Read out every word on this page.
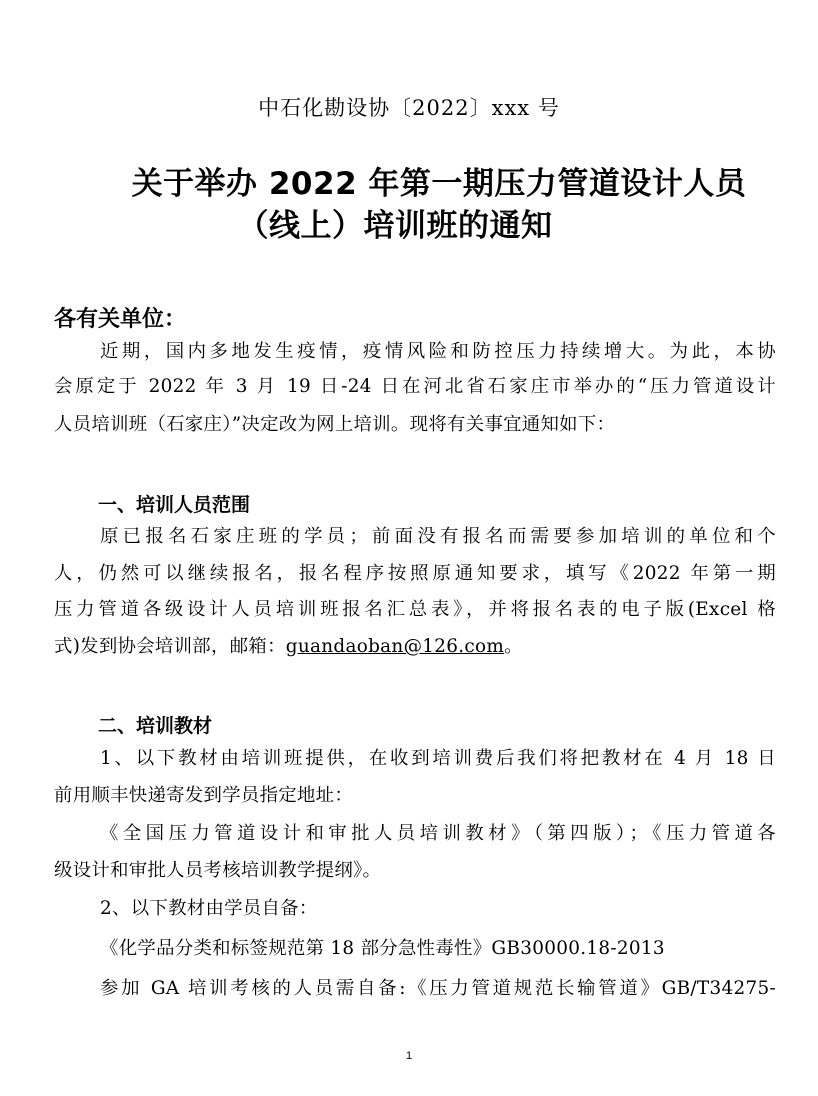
中石化勘设协〔2022〕xxx 号
关于举办 2022 年第一期压力管道设计人员
（线上）培训班的通知
各有关单位：
近期，国内多地发生疫情，疫情风险和防控压力持续增大。为此，本协
会原定于 2022 年 3 月 19 日-24 日在河北省石家庄市举办的“压力管道设计
人员培训班（石家庄）”决定改为网上培训。现将有关事宜通知如下：
一、培训人员范围
原已报名石家庄班的学员；前面没有报名而需要参加培训的单位和个
人，仍然可以继续报名，报名程序按照原通知要求，填写《2022 年第一期
压力管道各级设计人员培训班报名汇总表》，并将报名表的电子版(Excel 格
式)发到协会培训部，邮箱：guandaoban@126.com。
二、培训教材
1、以下教材由培训班提供，在收到培训费后我们将把教材在 4 月 18 日
前用顺丰快递寄发到学员指定地址：
《全国压力管道设计和审批人员培训教材》（第四版）；《压力管道各
级设计和审批人员考核培训教学提纲》。
2、以下教材由学员自备：
《化学品分类和标签规范第 18 部分急性毒性》GB30000.18-2013
参加 GA 培训考核的人员需自备:《压力管道规范长输管道》GB/T34275-
1
